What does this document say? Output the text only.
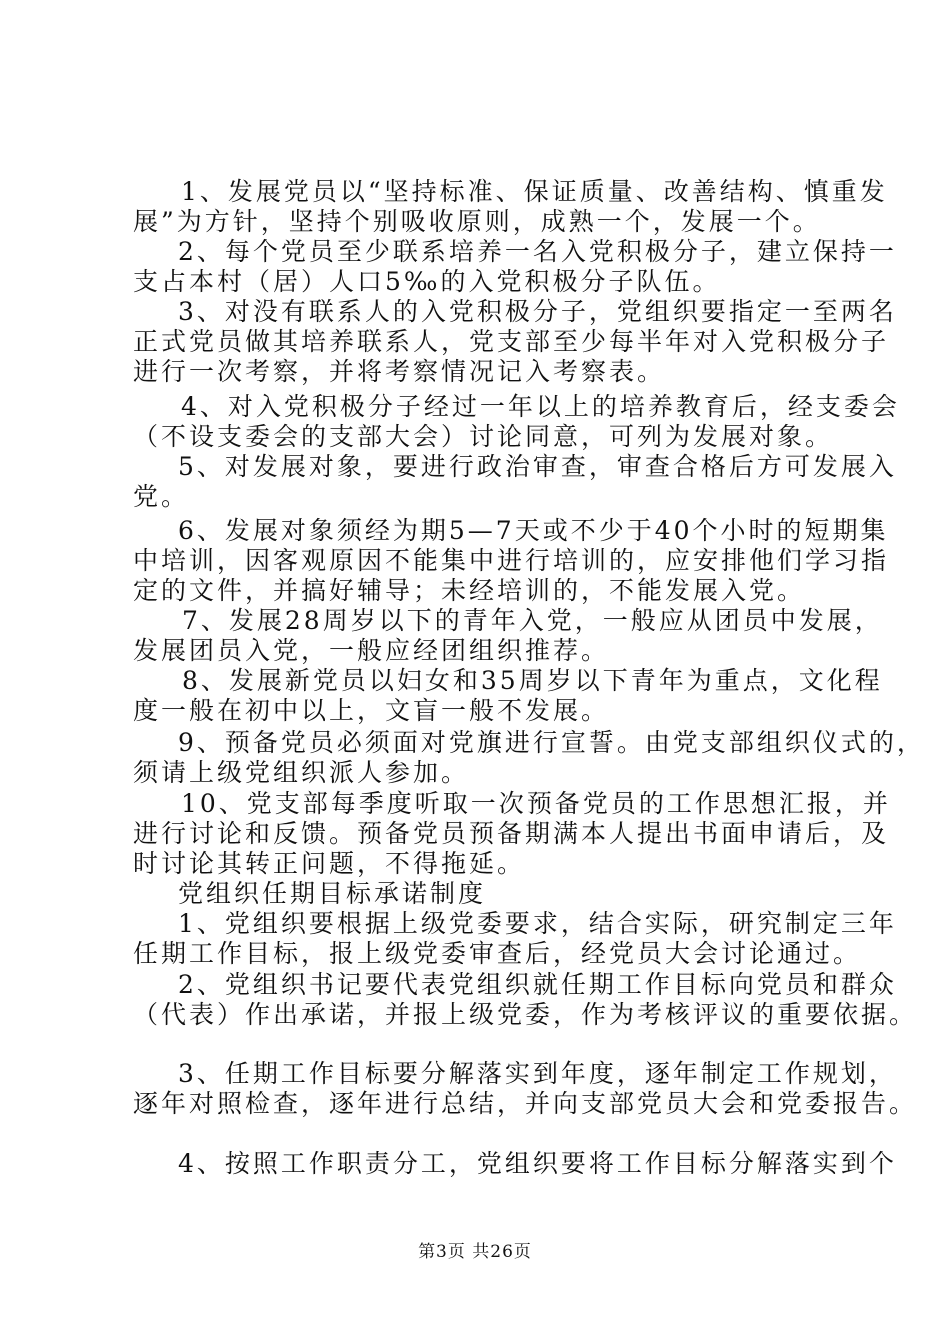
1、发展党员以“坚持标准、保证质量、改善结构、慎重发

展”为方针，坚持个别吸收原则，成熟一个，发展一个。

2、每个党员至少联系培养一名入党积极分子，建立保持一

支占本村（居）人口5‰的入党积极分子队伍。

3、对没有联系人的入党积极分子，党组织要指定一至两名

正式党员做其培养联系人，党支部至少每半年对入党积极分子

进行一次考察，并将考察情况记入考察表。

4、对入党积极分子经过一年以上的培养教育后，经支委会

（不设支委会的支部大会）讨论同意，可列为发展对象。

5、对发展对象，要进行政治审查，审查合格后方可发展入

党。

6、发展对象须经为期5—7天或不少于40个小时的短期集

中培训，因客观原因不能集中进行培训的，应安排他们学习指

定的文件，并搞好辅导；未经培训的，不能发展入党。

7、发展28周岁以下的青年入党，一般应从团员中发展，

发展团员入党，一般应经团组织推荐。

8、发展新党员以妇女和35周岁以下青年为重点，文化程

度一般在初中以上，文盲一般不发展。

9、预备党员必须面对党旗进行宣誓。由党支部组织仪式的，

须请上级党组织派人参加。

10、党支部每季度听取一次预备党员的工作思想汇报，并

进行讨论和反馈。预备党员预备期满本人提出书面申请后，及

时讨论其转正问题，不得拖延。

党组织任期目标承诺制度

1、党组织要根据上级党委要求，结合实际，研究制定三年

任期工作目标，报上级党委审查后，经党员大会讨论通过。

2、党组织书记要代表党组织就任期工作目标向党员和群众

（代表）作出承诺，并报上级党委，作为考核评议的重要依据。

3、任期工作目标要分解落实到年度，逐年制定工作规划，

逐年对照检查，逐年进行总结，并向支部党员大会和党委报告。

4、按照工作职责分工，党组织要将工作目标分解落实到个

第3页 共26页
